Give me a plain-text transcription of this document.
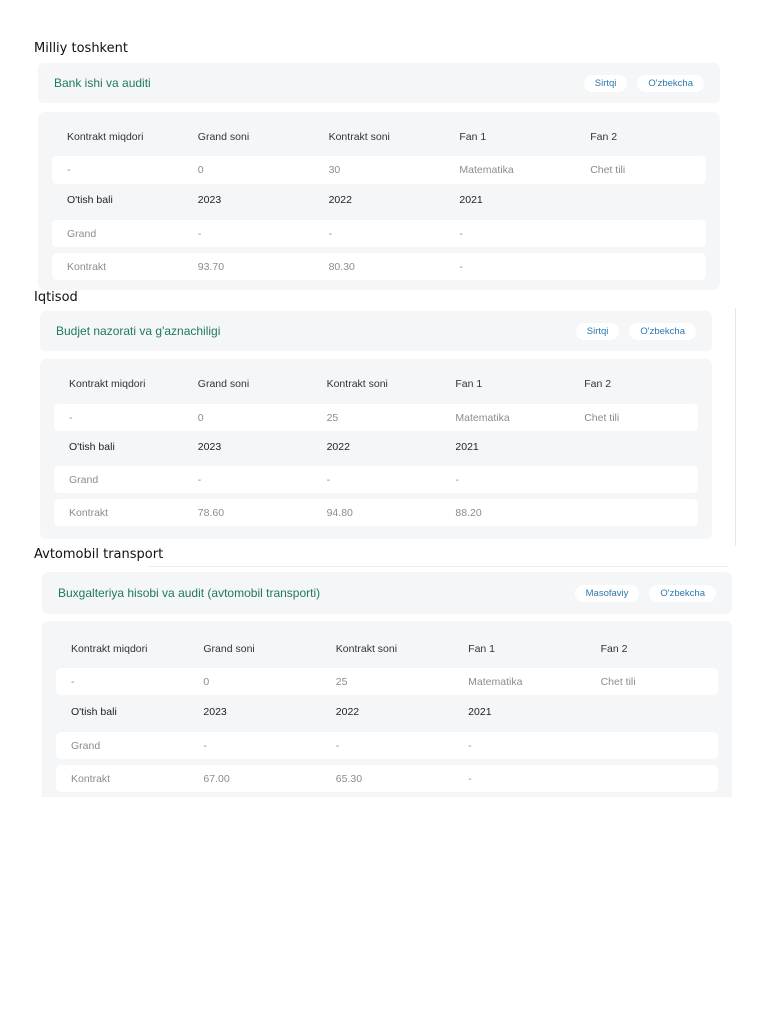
Milliy toshkent
Bank ishi va auditi	Sirtqi	O'zbekcha
Kontrakt miqdori	Grand soni	Kontrakt soni	Fan 1	Fan 2
-	0	30	Matematika	Chet tili
O'tish bali	2023	2022	2021
Grand	-	-	-
Kontrakt	93.70	80.30	-
Iqtisod
Budjet nazorati va g'aznachiligi	Sirtqi	O'zbekcha
Kontrakt miqdori	Grand soni	Kontrakt soni	Fan 1	Fan 2
-	0	25	Matematika	Chet tili
O'tish bali	2023	2022	2021
Grand	-	-	-
Kontrakt	78.60	94.80	88.20
Avtomobil transport
Buxgalteriya hisobi va audit (avtomobil transporti)	Masofaviy	O'zbekcha
Kontrakt miqdori	Grand soni	Kontrakt soni	Fan 1	Fan 2
-	0	25	Matematika	Chet tili
O'tish bali	2023	2022	2021
Grand	-	-	-
Kontrakt	67.00	65.30	-
